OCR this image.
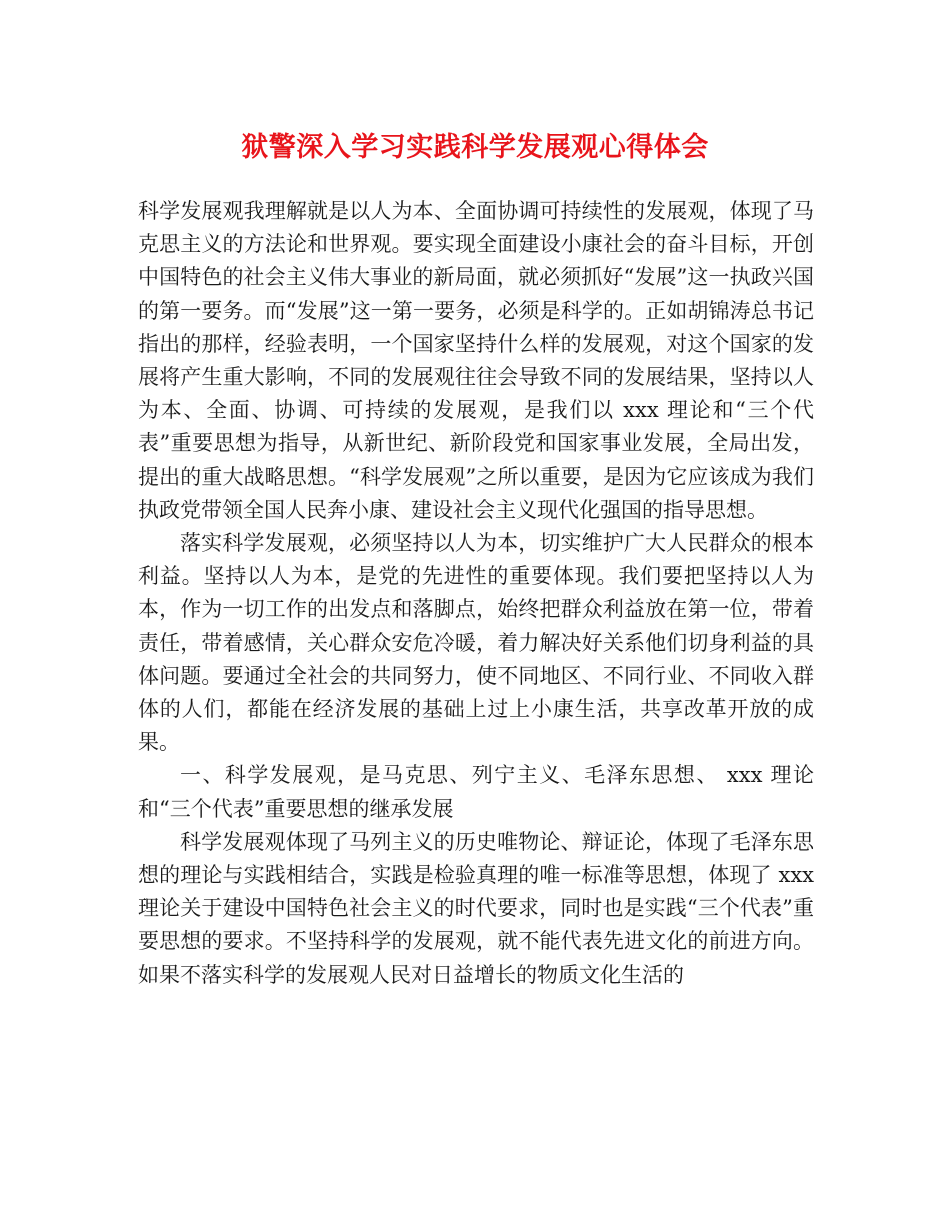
狱警深入学习实践科学发展观心得体会

科学发展观我理解就是以人为本、全面协调可持续性的发展观，体现了马克思主义的方法论和世界观。要实现全面建设小康社会的奋斗目标，开创中国特色的社会主义伟大事业的新局面，就必须抓好“发展”这一执政兴国的第一要务。而“发展”这一第一要务，必须是科学的。正如胡锦涛总书记指出的那样，经验表明，一个国家坚持什么样的发展观，对这个国家的发展将产生重大影响，不同的发展观往往会导致不同的发展结果，坚持以人为本、全面、协调、可持续的发展观，是我们以 xxx 理论和“三个代表”重要思想为指导，从新世纪、新阶段党和国家事业发展，全局出发，提出的重大战略思想。“科学发展观”之所以重要，是因为它应该成为我们执政党带领全国人民奔小康、建设社会主义现代化强国的指导思想。

落实科学发展观，必须坚持以人为本，切实维护广大人民群众的根本利益。坚持以人为本，是党的先进性的重要体现。我们要把坚持以人为本，作为一切工作的出发点和落脚点，始终把群众利益放在第一位，带着责任，带着感情，关心群众安危冷暖，着力解决好关系他们切身利益的具体问题。要通过全社会的共同努力，使不同地区、不同行业、不同收入群体的人们，都能在经济发展的基础上过上小康生活，共享改革开放的成果。

一、科学发展观，是马克思、列宁主义、毛泽东思想、 xxx 理论和“三个代表”重要思想的继承发展

科学发展观体现了马列主义的历史唯物论、辩证论，体现了毛泽东思想的理论与实践相结合，实践是检验真理的唯一标准等思想，体现了 xxx 理论关于建设中国特色社会主义的时代要求，同时也是实践“三个代表”重要思想的要求。不坚持科学的发展观，就不能代表先进文化的前进方向。如果不落实科学的发展观人民对日益增长的物质文化生活的
